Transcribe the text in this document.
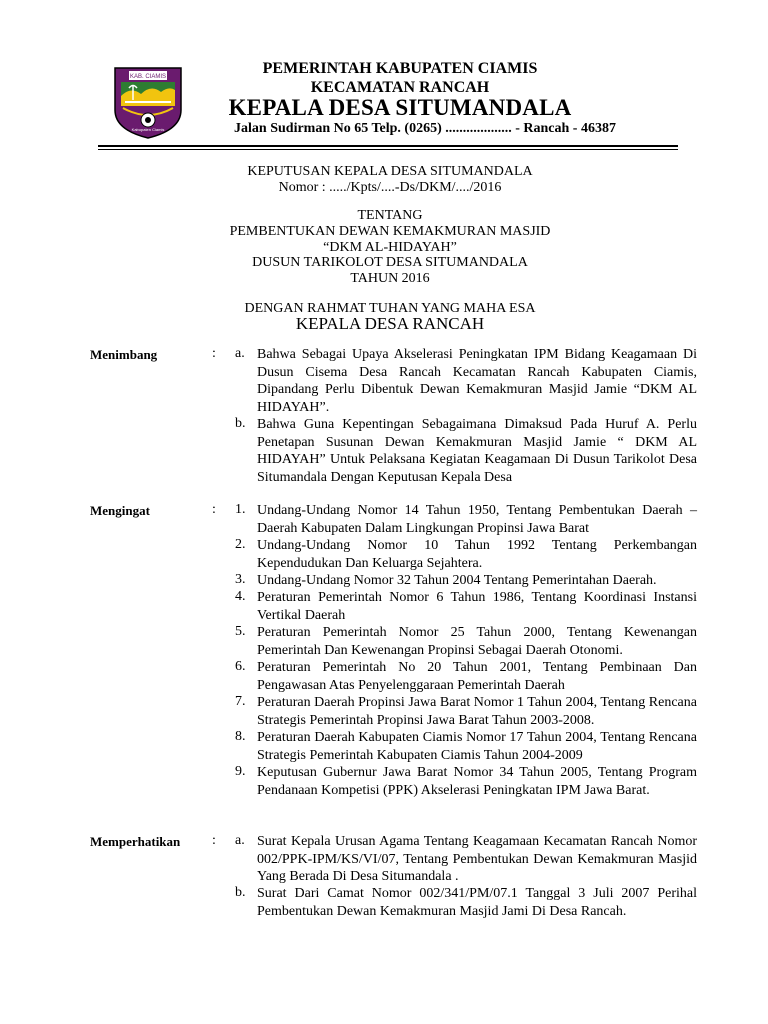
KAB. CIAMIS
Kabupaten Ciamis
PEMERINTAH KABUPATEN CIAMIS
KECAMATAN RANCAH
KEPALA DESA SITUMANDALA
Jalan Sudirman No 65 Telp. (0265) ................... - Rancah - 46387
KEPUTUSAN KEPALA DESA SITUMANDALA
Nomor : ...../Kpts/....-Ds/DKM/..../2016
TENTANG
PEMBENTUKAN DEWAN KEMAKMURAN MASJID
“DKM AL-HIDAYAH”
DUSUN TARIKOLOT DESA SITUMANDALA
TAHUN 2016
DENGAN RAHMAT TUHAN YANG MAHA ESA
KEPALA DESA RANCAH
Menimbang	: a. Bahwa Sebagai Upaya Akselerasi Peningkatan IPM Bidang Keagamaan Di Dusun Cisema Desa Rancah Kecamatan Rancah Kabupaten Ciamis, Dipandang Perlu Dibentuk Dewan Kemakmuran Masjid Jamie “DKM AL HIDAYAH”.
b. Bahwa Guna Kepentingan Sebagaimana Dimaksud Pada Huruf A. Perlu Penetapan Susunan Dewan Kemakmuran Masjid Jamie “ DKM AL HIDAYAH” Untuk Pelaksana Kegiatan Keagamaan Di Dusun Tarikolot Desa Situmandala Dengan Keputusan Kepala Desa
Mengingat	: 1. Undang-Undang Nomor 14 Tahun 1950, Tentang Pembentukan Daerah – Daerah Kabupaten Dalam Lingkungan Propinsi Jawa Barat
2. Undang-Undang Nomor 10 Tahun 1992 Tentang Perkembangan Kependudukan Dan Keluarga Sejahtera.
3. Undang-Undang Nomor 32 Tahun 2004 Tentang Pemerintahan Daerah.
4. Peraturan Pemerintah Nomor 6 Tahun 1986, Tentang Koordinasi Instansi Vertikal Daerah
5. Peraturan Pemerintah Nomor 25 Tahun 2000, Tentang Kewenangan Pemerintah Dan Kewenangan Propinsi Sebagai Daerah Otonomi.
6. Peraturan Pemerintah No 20 Tahun 2001, Tentang Pembinaan Dan Pengawasan Atas Penyelenggaraan Pemerintah Daerah
7. Peraturan Daerah Propinsi Jawa Barat Nomor 1 Tahun 2004, Tentang Rencana Strategis Pemerintah Propinsi Jawa Barat Tahun 2003-2008.
8. Peraturan Daerah Kabupaten Ciamis Nomor 17 Tahun 2004, Tentang Rencana Strategis Pemerintah Kabupaten Ciamis Tahun 2004-2009
9. Keputusan Gubernur Jawa Barat Nomor 34 Tahun 2005, Tentang Program Pendanaan Kompetisi (PPK) Akselerasi Peningkatan IPM Jawa Barat.
Memperhatikan : a. Surat Kepala Urusan Agama Tentang Keagamaan Kecamatan Rancah Nomor 002/PPK-IPM/KS/VI/07, Tentang Pembentukan Dewan Kemakmuran Masjid Yang Berada Di Desa Situmandala .
b. Surat Dari Camat Nomor 002/341/PM/07.1 Tanggal 3 Juli 2007 Perihal Pembentukan Dewan Kemakmuran Masjid Jami Di Desa Rancah.
